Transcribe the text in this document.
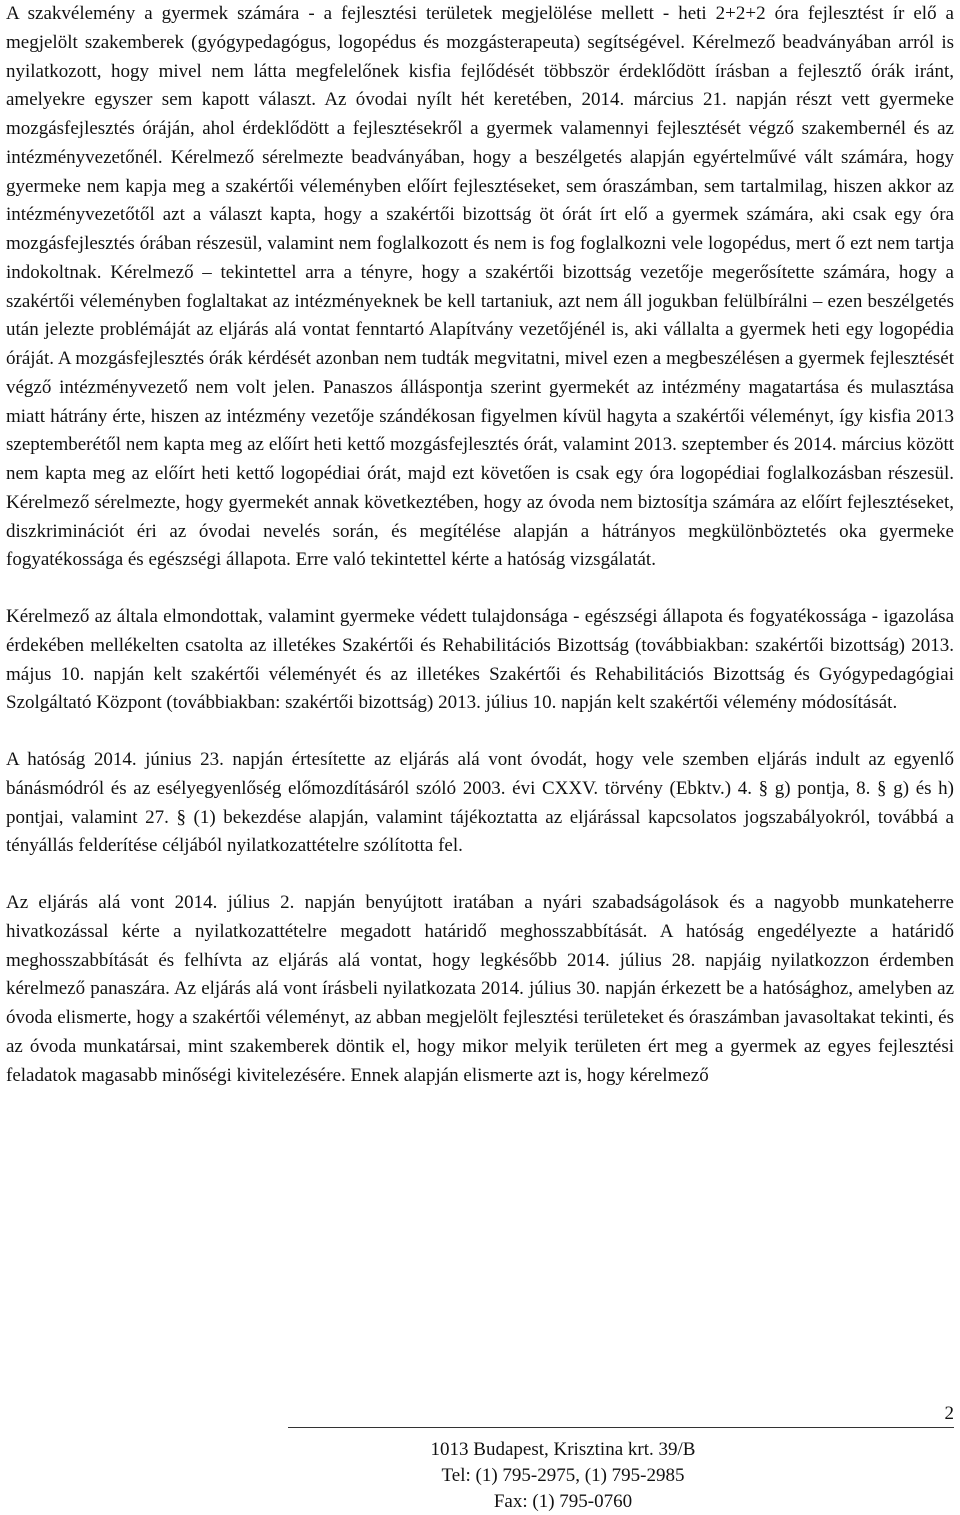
A szakvélemény a gyermek számára - a fejlesztési területek megjelölése mellett - heti 2+2+2 óra fejlesztést ír elő a megjelölt szakemberek (gyógypedagógus, logopédus és mozgásterapeuta) segítségével. Kérelmező beadványában arról is nyilatkozott, hogy mivel nem látta megfelelőnek kisfia fejlődését többször érdeklődött írásban a fejlesztő órák iránt, amelyekre egyszer sem kapott választ. Az óvodai nyílt hét keretében, 2014. március 21. napján részt vett gyermeke mozgásfejlesztés óráján, ahol érdeklődött a fejlesztésekről a gyermek valamennyi fejlesztését végző szakembernél és az intézményvezetőnél. Kérelmező sérelmezte beadványában, hogy a beszélgetés alapján egyértelművé vált számára, hogy gyermeke nem kapja meg a szakértői véleményben előírt fejlesztéseket, sem óraszámban, sem tartalmilag, hiszen akkor az intézményvezetőtől azt a választ kapta, hogy a szakértői bizottság öt órát írt elő a gyermek számára, aki csak egy óra mozgásfejlesztés órában részesül, valamint nem foglalkozott és nem is fog foglalkozni vele logopédus, mert ő ezt nem tartja indokoltnak. Kérelmező – tekintettel arra a tényre, hogy a szakértői bizottság vezetője megerősítette számára, hogy a szakértői véleményben foglaltakat az intézményeknek be kell tartaniuk, azt nem áll jogukban felülbírálni – ezen beszélgetés után jelezte problémáját az eljárás alá vontat fenntartó Alapítvány vezetőjénél is, aki vállalta a gyermek heti egy logopédia óráját. A mozgásfejlesztés órák kérdését azonban nem tudták megvitatni, mivel ezen a megbeszélésen a gyermek fejlesztését végző intézményvezető nem volt jelen. Panaszos álláspontja szerint gyermekét az intézmény magatartása és mulasztása miatt hátrány érte, hiszen az intézmény vezetője szándékosan figyelmen kívül hagyta a szakértői véleményt, így kisfia 2013 szeptemberétől nem kapta meg az előírt heti kettő mozgásfejlesztés órát, valamint 2013. szeptember és 2014. március között nem kapta meg az előírt heti kettő logopédiai órát, majd ezt követően is csak egy óra logopédiai foglalkozásban részesül. Kérelmező sérelmezte, hogy gyermekét annak következtében, hogy az óvoda nem biztosítja számára az előírt fejlesztéseket, diszkriminációt éri az óvodai nevelés során, és megítélése alapján a hátrányos megkülönböztetés oka gyermeke fogyatékossága és egészségi állapota. Erre való tekintettel kérte a hatóság vizsgálatát.

Kérelmező az általa elmondottak, valamint gyermeke védett tulajdonsága - egészségi állapota és fogyatékossága - igazolása érdekében mellékelten csatolta az illetékes Szakértői és Rehabilitációs Bizottság (továbbiakban: szakértői bizottság) 2013. május 10. napján kelt szakértői véleményét és az illetékes Szakértői és Rehabilitációs Bizottság és Gyógypedagógiai Szolgáltató Központ (továbbiakban: szakértői bizottság) 2013. július 10. napján kelt szakértői vélemény módosítását.

A hatóság 2014. június 23. napján értesítette az eljárás alá vont óvodát, hogy vele szemben eljárás indult az egyenlő bánásmódról és az esélyegyenlőség előmozdításáról szóló 2003. évi CXXV. törvény (Ebktv.) 4. § g) pontja, 8. § g) és h) pontjai, valamint 27. § (1) bekezdése alapján, valamint tájékoztatta az eljárással kapcsolatos jogszabályokról, továbbá a tényállás felderítése céljából nyilatkozattételre szólította fel.

Az eljárás alá vont 2014. július 2. napján benyújtott iratában a nyári szabadságolások és a nagyobb munkateherre hivatkozással kérte a nyilatkozattételre megadott határidő meghosszabbítását. A hatóság engedélyezte a határidő meghosszabbítását és felhívta az eljárás alá vontat, hogy legkésőbb 2014. július 28. napjáig nyilatkozzon érdemben kérelmező panaszára. Az eljárás alá vont írásbeli nyilatkozata 2014. július 30. napján érkezett be a hatósághoz, amelyben az óvoda elismerte, hogy a szakértői véleményt, az abban megjelölt fejlesztési területeket és óraszámban javasoltakat tekinti, és az óvoda munkatársai, mint szakemberek döntik el, hogy mikor melyik területen ért meg a gyermek az egyes fejlesztési feladatok magasabb minőségi kivitelezésére. Ennek alapján elismerte azt is, hogy kérelmező

2
1013 Budapest, Krisztina krt. 39/B
Tel: (1) 795-2975, (1) 795-2985
Fax: (1) 795-0760
